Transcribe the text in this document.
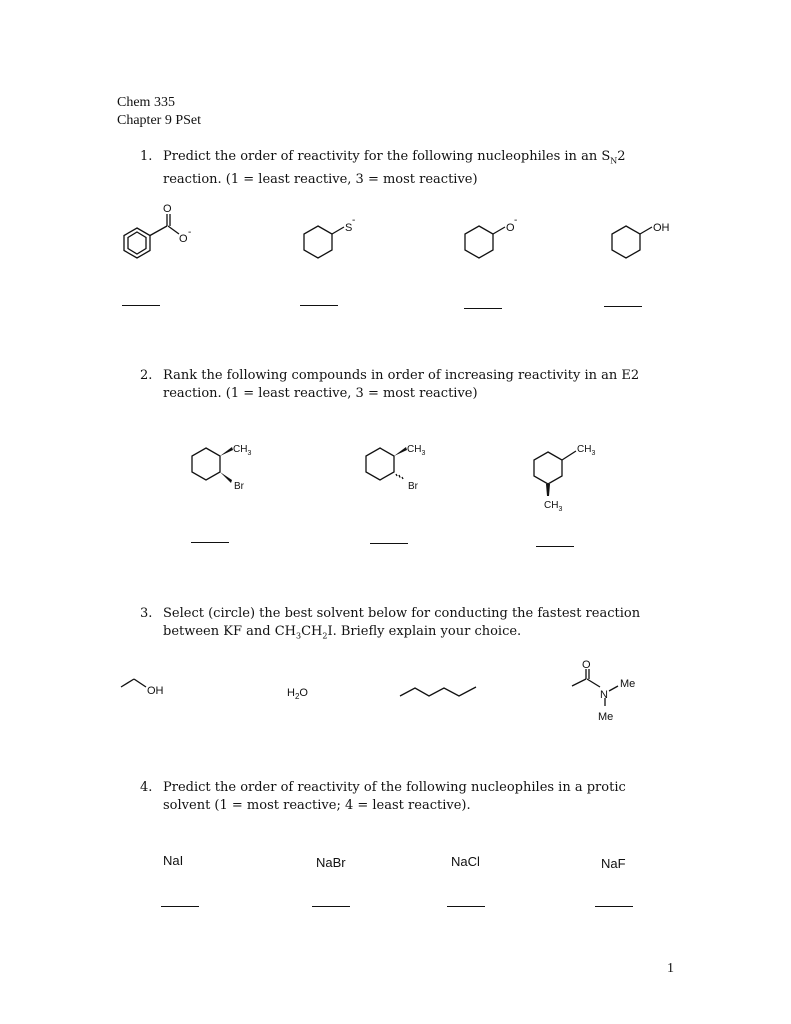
Chem 335
Chapter 9 PSet
1. Predict the order of reactivity for the following nucleophiles in an $S_N2$
reaction. (1 = least reactive, 3 = most reactive)
O
O
-	S
-
O
-
OH
2. Rank the following compounds in order of increasing reactivity in an E2
reaction. (1 = least reactive, 3 = most reactive)
$CH_3$
Br
$CH_3$
Br
$CH_3$
$CH_3$
3. Select (circle) the best solvent below for conducting the fastest reaction
between KF and $CH_3CH_2I$. Briefly explain your choice.
OH	$H_2O$
O
N
Me
Me
4. Predict the order of reactivity of the following nucleophiles in a protic
solvent (1 = most reactive; 4 = least reactive).
NaI	NaBr	NaCl	NaF
1
